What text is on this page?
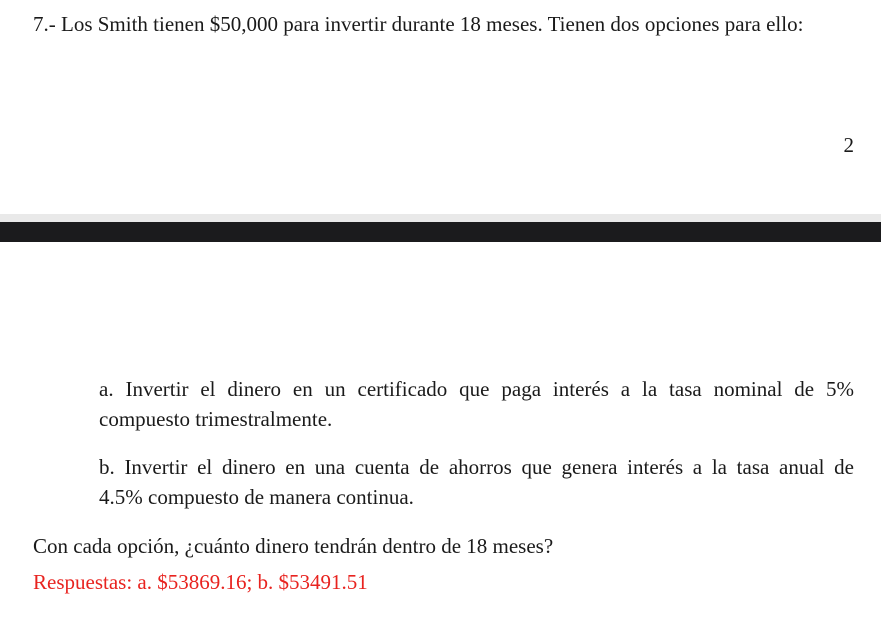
7.- Los Smith tienen $50,000 para invertir durante 18 meses. Tienen dos opciones para ello:
2
a. Invertir el dinero en un certificado que paga interés a la tasa nominal de 5%
compuesto trimestralmente.
b. Invertir el dinero en una cuenta de ahorros que genera interés a la tasa anual de
4.5% compuesto de manera continua.
Con cada opción, ¿cuánto dinero tendrán dentro de 18 meses?
Respuestas: a. $53869.16; b. $53491.51
